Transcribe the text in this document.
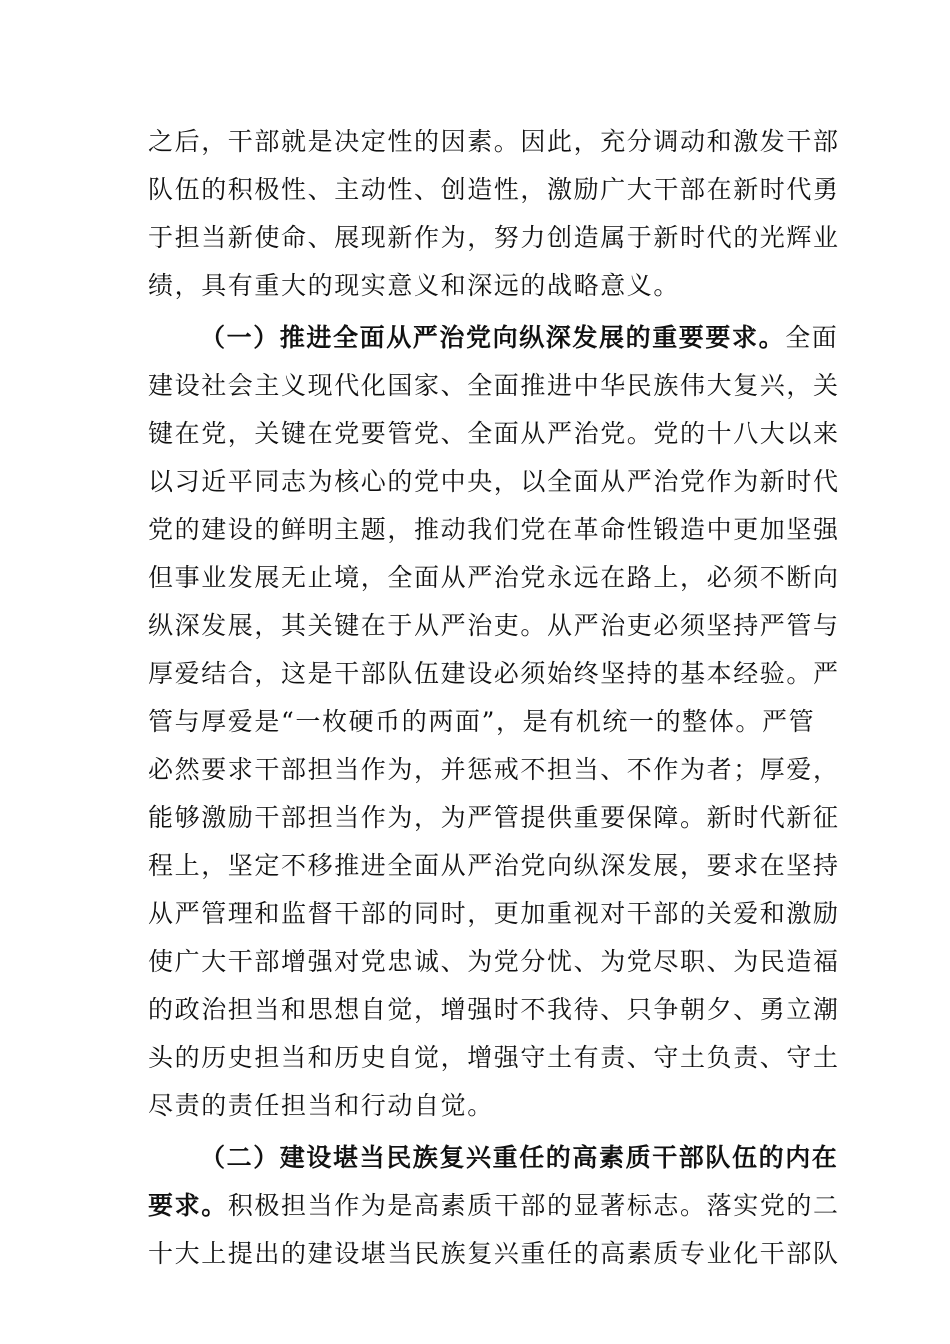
之后，干部就是决定性的因素。因此，充分调动和激发干部
队伍的积极性、主动性、创造性，激励广大干部在新时代勇
于担当新使命、展现新作为，努力创造属于新时代的光辉业
绩，具有重大的现实意义和深远的战略意义。
（一）推进全面从严治党向纵深发展的重要要求。全面
建设社会主义现代化国家、全面推进中华民族伟大复兴，关
键在党，关键在党要管党、全面从严治党。党的十八大以来
以习近平同志为核心的党中央，以全面从严治党作为新时代
党的建设的鲜明主题，推动我们党在革命性锻造中更加坚强
但事业发展无止境，全面从严治党永远在路上，必须不断向
纵深发展，其关键在于从严治吏。从严治吏必须坚持严管与
厚爱结合，这是干部队伍建设必须始终坚持的基本经验。严
管与厚爱是“一枚硬币的两面”，是有机统一的整体。严管
必然要求干部担当作为，并惩戒不担当、不作为者；厚爱，
能够激励干部担当作为，为严管提供重要保障。新时代新征
程上，坚定不移推进全面从严治党向纵深发展，要求在坚持
从严管理和监督干部的同时，更加重视对干部的关爱和激励
使广大干部增强对党忠诚、为党分忧、为党尽职、为民造福
的政治担当和思想自觉，增强时不我待、只争朝夕、勇立潮
头的历史担当和历史自觉，增强守土有责、守土负责、守土
尽责的责任担当和行动自觉。
（二）建设堪当民族复兴重任的高素质干部队伍的内在
要求。积极担当作为是高素质干部的显著标志。落实党的二
十大上提出的建设堪当民族复兴重任的高素质专业化干部队
